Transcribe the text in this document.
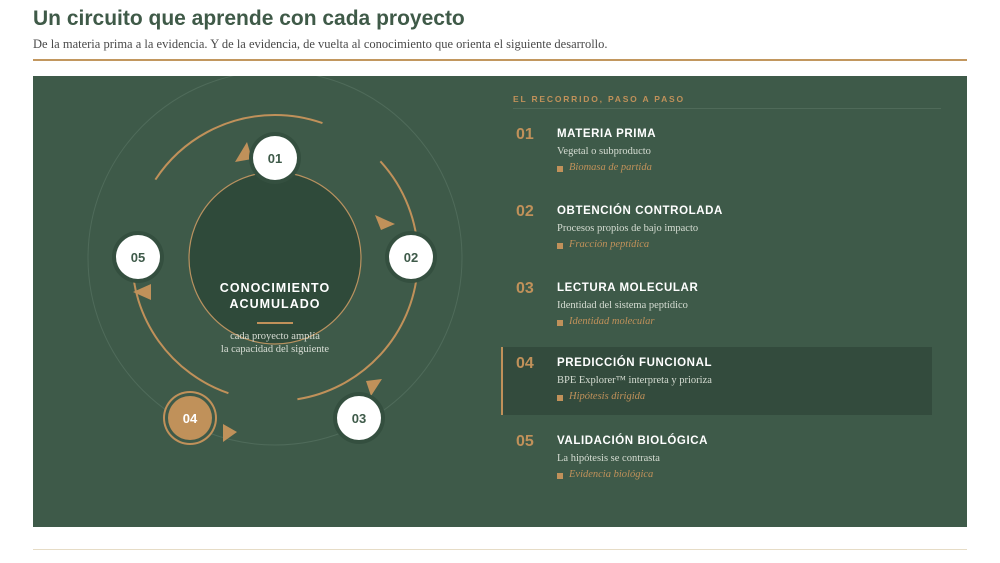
Un circuito que aprende con cada proyecto
De la materia prima a la evidencia. Y de la evidencia, de vuelta al conocimiento que orienta el siguiente desarrollo.
01
02
03
04
05
CONOCIMIENTO
ACUMULADO
cada proyecto amplía
la capacidad del siguiente
EL RECORRIDO, PASO A PASO
01 MATERIA PRIMA
Vegetal o subproducto
Biomasa de partida
02 OBTENCIÓN CONTROLADA
Procesos propios de bajo impacto
Fracción peptídica
03 LECTURA MOLECULAR
Identidad del sistema peptídico
Identidad molecular
04 PREDICCIÓN FUNCIONAL
BPE Explorer™ interpreta y prioriza
Hipótesis dirigida
05 VALIDACIÓN BIOLÓGICA
La hipótesis se contrasta
Evidencia biológica
